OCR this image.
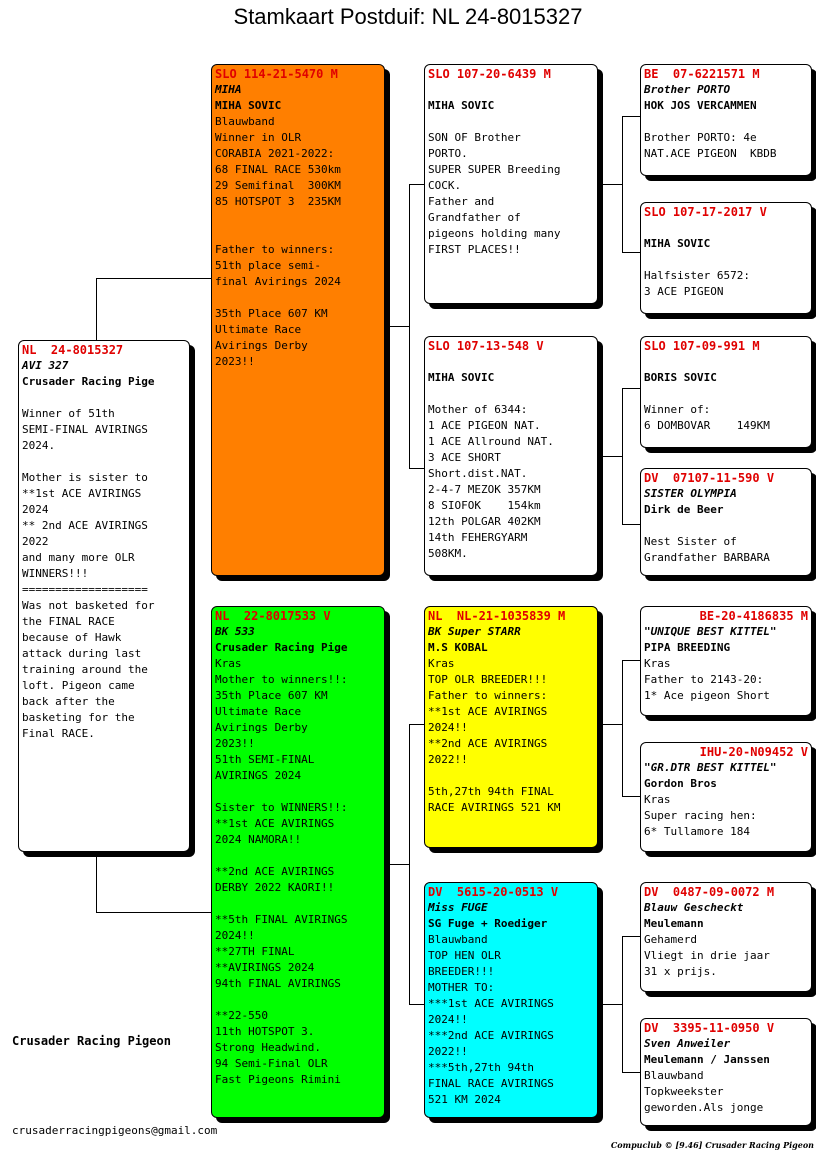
Stamkaart Postduif: NL 24-8015327
NL  24-8015327
AVI 327
Crusader Racing Pige
Winner of 51th
SEMI-FINAL AVIRINGS
2024.
Mother is sister to
**1st ACE AVIRINGS
2024
** 2nd ACE AVIRINGS
2022
and many more OLR
WINNERS!!!
===================
Was not basketed for
the FINAL RACE
because of Hawk
attack during last
training around the
loft. Pigeon came
back after the
basketing for the
Final RACE.
SLO 114-21-5470 M
MIHA
MIHA SOVIC
Blauwband
Winner in OLR
CORABIA 2021-2022:
68 FINAL RACE 530km
29 Semifinal  300KM
85 HOTSPOT 3  235KM
Father to winners:
51th place semi-
final Avirings 2024
35th Place 607 KM
Ultimate Race
Avirings Derby
2023!!
NL  22-8017533 V
BK 533
Crusader Racing Pige
Kras
Mother to winners!!:
35th Place 607 KM
Ultimate Race
Avirings Derby
2023!!
51th SEMI-FINAL
AVIRINGS 2024
Sister to WINNERS!!:
**1st ACE AVIRINGS
2024 NAMORA!!
**2nd ACE AVIRINGS
DERBY 2022 KAORI!!
**5th FINAL AVIRINGS
2024!!
**27TH FINAL
**AVIRINGS 2024
94th FINAL AVIRINGS
**22-550
11th HOTSPOT 3.
Strong Headwind.
94 Semi-Final OLR
Fast Pigeons Rimini
SLO 107-20-6439 M
MIHA SOVIC
SON OF Brother
PORTO.
SUPER SUPER Breeding
COCK.
Father and
Grandfather of
pigeons holding many
FIRST PLACES!!
SLO 107-13-548 V
MIHA SOVIC
Mother of 6344:
1 ACE PIGEON NAT.
1 ACE Allround NAT.
3 ACE SHORT
Short.dist.NAT.
2-4-7 MEZOK 357KM
8 SIOFOK    154km
12th POLGAR 402KM
14th FEHERGYARM
508KM.
NL  NL-21-1035839 M
BK Super STARR
M.S KOBAL
Kras
TOP OLR BREEDER!!!
Father to winners:
**1st ACE AVIRINGS
2024!!
**2nd ACE AVIRINGS
2022!!
5th,27th 94th FINAL
RACE AVIRINGS 521 KM
DV  5615-20-0513 V
Miss FUGE
SG Fuge + Roediger
Blauwband
TOP HEN OLR
BREEDER!!!
MOTHER TO:
***1st ACE AVIRINGS
2024!!
***2nd ACE AVIRINGS
2022!!
***5th,27th 94th
FINAL RACE AVIRINGS
521 KM 2024
BE  07-6221571 M
Brother PORTO
HOK JOS VERCAMMEN
Brother PORTO: 4e
NAT.ACE PIGEON  KBDB
SLO 107-17-2017 V
MIHA SOVIC
Halfsister 6572:
3 ACE PIGEON
SLO 107-09-991 M
BORIS SOVIC
Winner of:
6 DOMBOVAR    149KM
DV  07107-11-590 V
SISTER OLYMPIA
Dirk de Beer
Nest Sister of
Grandfather BARBARA
BE-20-4186835 M
"UNIQUE BEST KITTEL"
PIPA BREEDING
Kras
Father to 2143-20:
1* Ace pigeon Short
IHU-20-N09452 V
"GR.DTR BEST KITTEL"
Gordon Bros
Kras
Super racing hen:
6* Tullamore 184
DV  0487-09-0072 M
Blauw Gescheckt
Meulemann
Gehamerd
Vliegt in drie jaar
31 x prijs.
DV  3395-11-0950 V
Sven Anweiler
Meulemann / Janssen
Blauwband
Topkweekster
geworden.Als jonge
Crusader Racing Pigeon
crusaderracingpigeons@gmail.com
Compuclub © [9.46] Crusader Racing Pigeon
